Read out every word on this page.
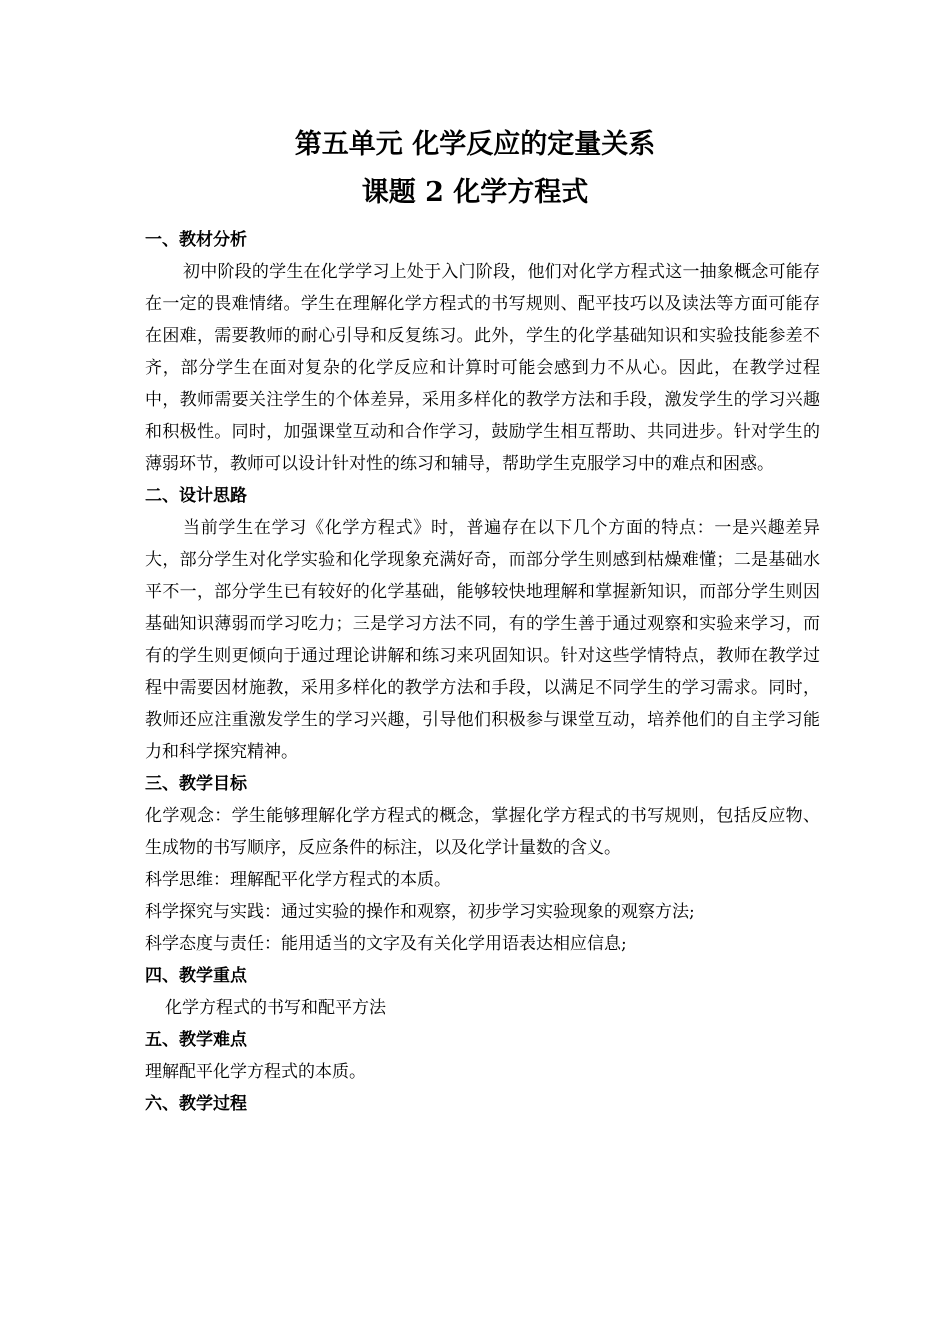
第五单元 化学反应的定量关系
课题 2 化学方程式

一、教材分析

初中阶段的学生在化学学习上处于入门阶段，他们对化学方程式这一抽象概念可能存在一定的畏难情绪。学生在理解化学方程式的书写规则、配平技巧以及读法等方面可能存在困难，需要教师的耐心引导和反复练习。此外，学生的化学基础知识和实验技能参差不齐，部分学生在面对复杂的化学反应和计算时可能会感到力不从心。因此，在教学过程中，教师需要关注学生的个体差异，采用多样化的教学方法和手段，激发学生的学习兴趣和积极性。同时，加强课堂互动和合作学习，鼓励学生相互帮助、共同进步。针对学生的薄弱环节，教师可以设计针对性的练习和辅导，帮助学生克服学习中的难点和困惑。

二、设计思路

当前学生在学习《化学方程式》时，普遍存在以下几个方面的特点：一是兴趣差异大，部分学生对化学实验和化学现象充满好奇，而部分学生则感到枯燥难懂；二是基础水平不一，部分学生已有较好的化学基础，能够较快地理解和掌握新知识，而部分学生则因基础知识薄弱而学习吃力；三是学习方法不同，有的学生善于通过观察和实验来学习，而有的学生则更倾向于通过理论讲解和练习来巩固知识。针对这些学情特点，教师在教学过程中需要因材施教，采用多样化的教学方法和手段，以满足不同学生的学习需求。同时，教师还应注重激发学生的学习兴趣，引导他们积极参与课堂互动，培养他们的自主学习能力和科学探究精神。

三、教学目标

化学观念：学生能够理解化学方程式的概念，掌握化学方程式的书写规则，包括反应物、生成物的书写顺序，反应条件的标注，以及化学计量数的含义。

科学思维：理解配平化学方程式的本质。

科学探究与实践：通过实验的操作和观察，初步学习实验现象的观察方法;

科学态度与责任：能用适当的文字及有关化学用语表达相应信息;

四、教学重点

化学方程式的书写和配平方法

五、教学难点

理解配平化学方程式的本质。

六、教学过程
